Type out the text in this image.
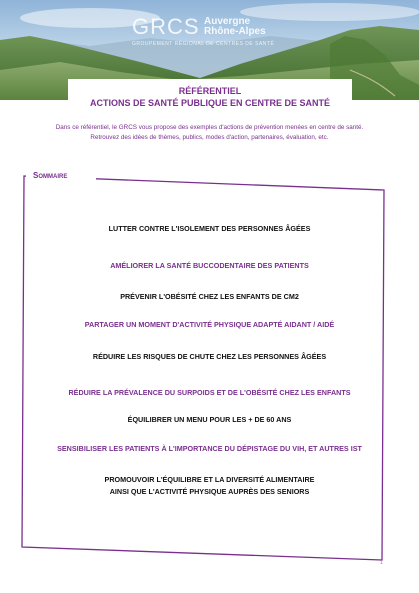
GRCS Auvergne
Rhône-Alpes
GROUPEMENT RÉGIONAL DE CENTRES DE SANTÉ
RÉFÉRENTIEL
ACTIONS DE SANTÉ PUBLIQUE EN CENTRE DE SANTÉ
Dans ce référentiel, le GRCS vous propose des exemples d'actions de prévention menées en centre de santé.
Retrouvez des idées de thèmes, publics, modes d'action, partenaires, évaluation, etc.
Sommaire
LUTTER CONTRE L'ISOLEMENT DES PERSONNES ÂGÉES
AMÉLIORER LA SANTÉ BUCCODENTAIRE DES PATIENTS
PRÉVENIR L'OBÉSITÉ CHEZ LES ENFANTS DE CM2
PARTAGER UN MOMENT D'ACTIVITÉ PHYSIQUE ADAPTÉ AIDANT / AIDÉ
RÉDUIRE LES RISQUES DE CHUTE CHEZ LES PERSONNES ÂGÉES
RÉDUIRE LA PRÉVALENCE DU SURPOIDS ET DE L'OBÉSITÉ CHEZ LES ENFANTS
ÉQUILIBRER UN MENU POUR LES + DE 60 ANS
SENSIBILISER LES PATIENTS À L'IMPORTANCE DU DÉPISTAGE DU VIH, ET AUTRES IST
PROMOUVOIR L'ÉQUILIBRE ET LA DIVERSITÉ ALIMENTAIRE
AINSI QUE L'ACTIVITÉ PHYSIQUE AUPRÈS DES SENIORS
1
